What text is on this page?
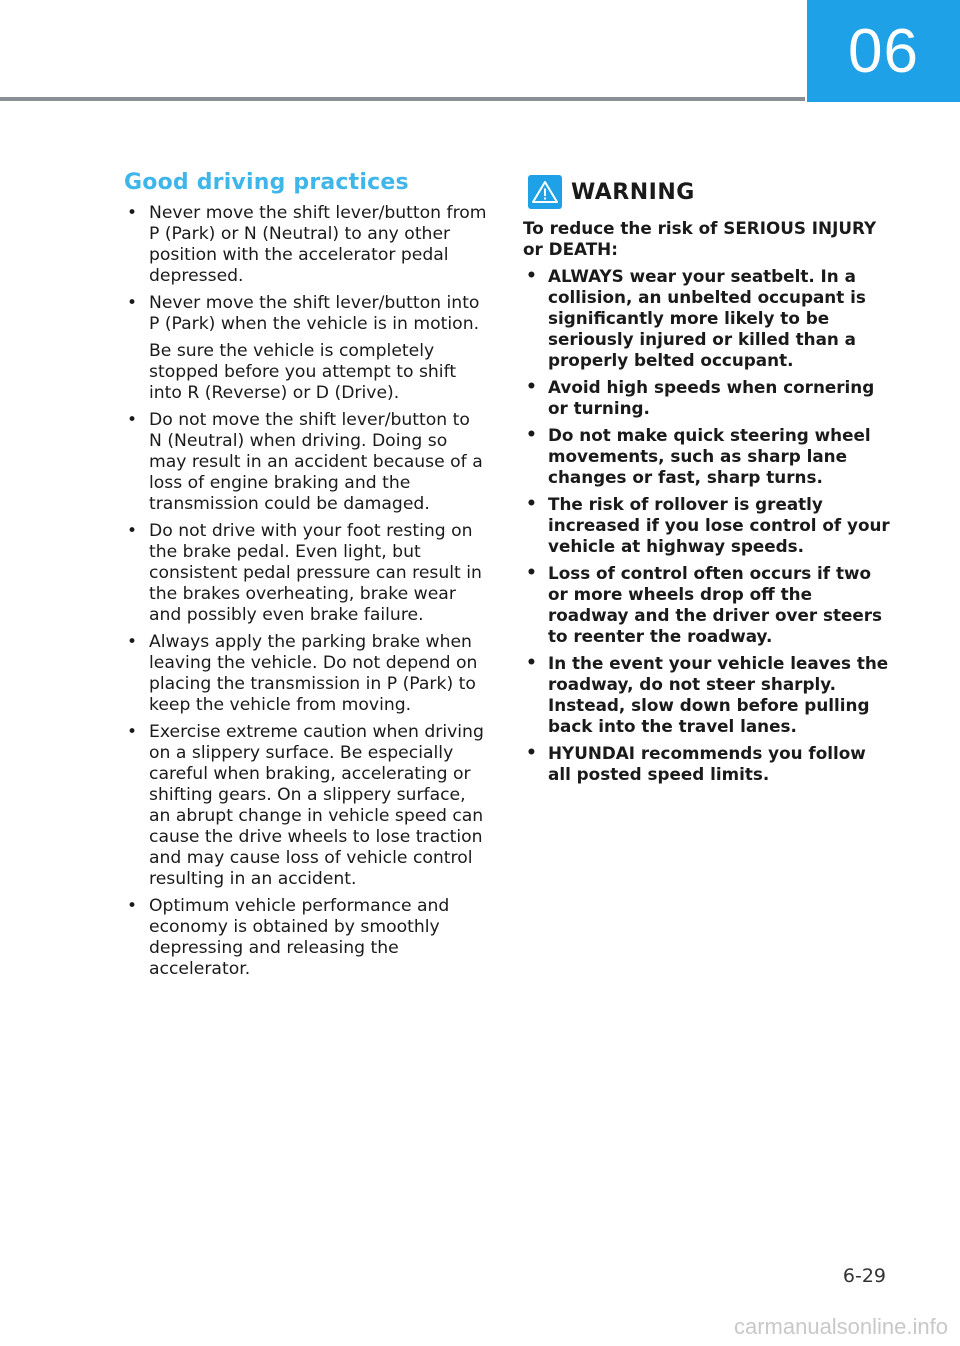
06
Good driving practices
• Never move the shift lever/button from P (Park) or N (Neutral) to any other position with the accelerator pedal depressed.
• Never move the shift lever/button into P (Park) when the vehicle is in motion.

Be sure the vehicle is completely stopped before you attempt to shift into R (Reverse) or D (Drive).

• Do not move the shift lever/button to N (Neutral) when driving. Doing so may result in an accident because of a loss of engine braking and the transmission could be damaged.
• Do not drive with your foot resting on the brake pedal. Even light, but consistent pedal pressure can result in the brakes overheating, brake wear and possibly even brake failure.
• Always apply the parking brake when leaving the vehicle. Do not depend on placing the transmission in P (Park) to keep the vehicle from moving.
• Exercise extreme caution when driving on a slippery surface. Be especially careful when braking, accelerating or shifting gears. On a slippery surface, an abrupt change in vehicle speed can cause the drive wheels to lose traction and may cause loss of vehicle control resulting in an accident.
• Optimum vehicle performance and economy is obtained by smoothly depressing and releasing the accelerator.
WARNING

To reduce the risk of SERIOUS INJURY or DEATH:

• ALWAYS wear your seatbelt. In a collision, an unbelted occupant is significantly more likely to be seriously injured or killed than a properly belted occupant.
• Avoid high speeds when cornering or turning.
• Do not make quick steering wheel movements, such as sharp lane changes or fast, sharp turns.
• The risk of rollover is greatly increased if you lose control of your vehicle at highway speeds.
• Loss of control often occurs if two or more wheels drop off the roadway and the driver over steers to reenter the roadway.
• In the event your vehicle leaves the roadway, do not steer sharply. Instead, slow down before pulling back into the travel lanes.
• HYUNDAI recommends you follow all posted speed limits.
6-29
carmanualsonline.info
